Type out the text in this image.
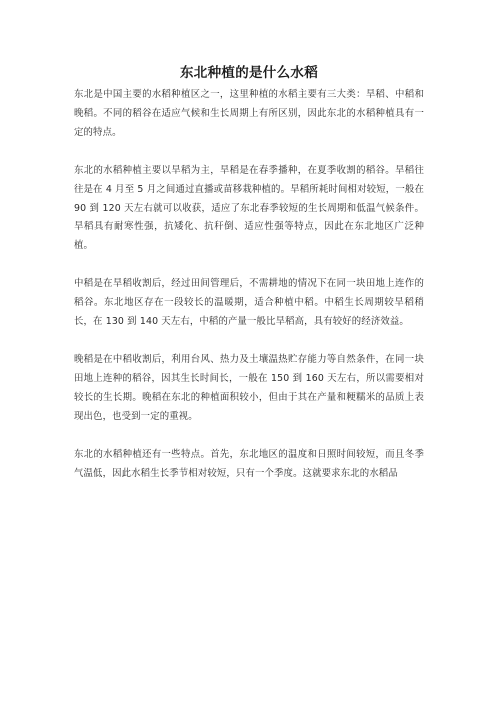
东北种植的是什么水稻

东北是中国主要的水稻种植区之一，这里种植的水稻主要有三大类：旱稻、中稻和晚稻。不同的稻谷在适应气候和生长周期上有所区别，因此东北的水稻种植具有一定的特点。

东北的水稻种植主要以旱稻为主，旱稻是在春季播种，在夏季收割的稻谷。旱稻往往是在 4 月至 5 月之间通过直播或苗移栽种植的。旱稻所耗时间相对较短，一般在 90 到 120 天左右就可以收获，适应了东北春季较短的生长周期和低温气候条件。旱稻具有耐寒性强，抗矮化、抗秆倒、适应性强等特点，因此在东北地区广泛种植。

中稻是在旱稻收割后，经过田间管理后，不需耕地的情况下在同一块田地上连作的稻谷。东北地区存在一段较长的温暖期，适合种植中稻。中稻生长周期较旱稻稍长，在 130 到 140 天左右，中稻的产量一般比旱稻高，具有较好的经济效益。

晚稻是在中稻收割后，利用台风、热力及土壤温热贮存能力等自然条件，在同一块田地上连种的稻谷，因其生长时间长，一般在 150 到 160 天左右，所以需要相对较长的生长期。晚稻在东北的种植面积较小，但由于其在产量和粳糯米的品质上表现出色，也受到一定的重视。

东北的水稻种植还有一些特点。首先，东北地区的温度和日照时间较短，而且冬季气温低，因此水稻生长季节相对较短，只有一个季度。这就要求东北的水稻品
